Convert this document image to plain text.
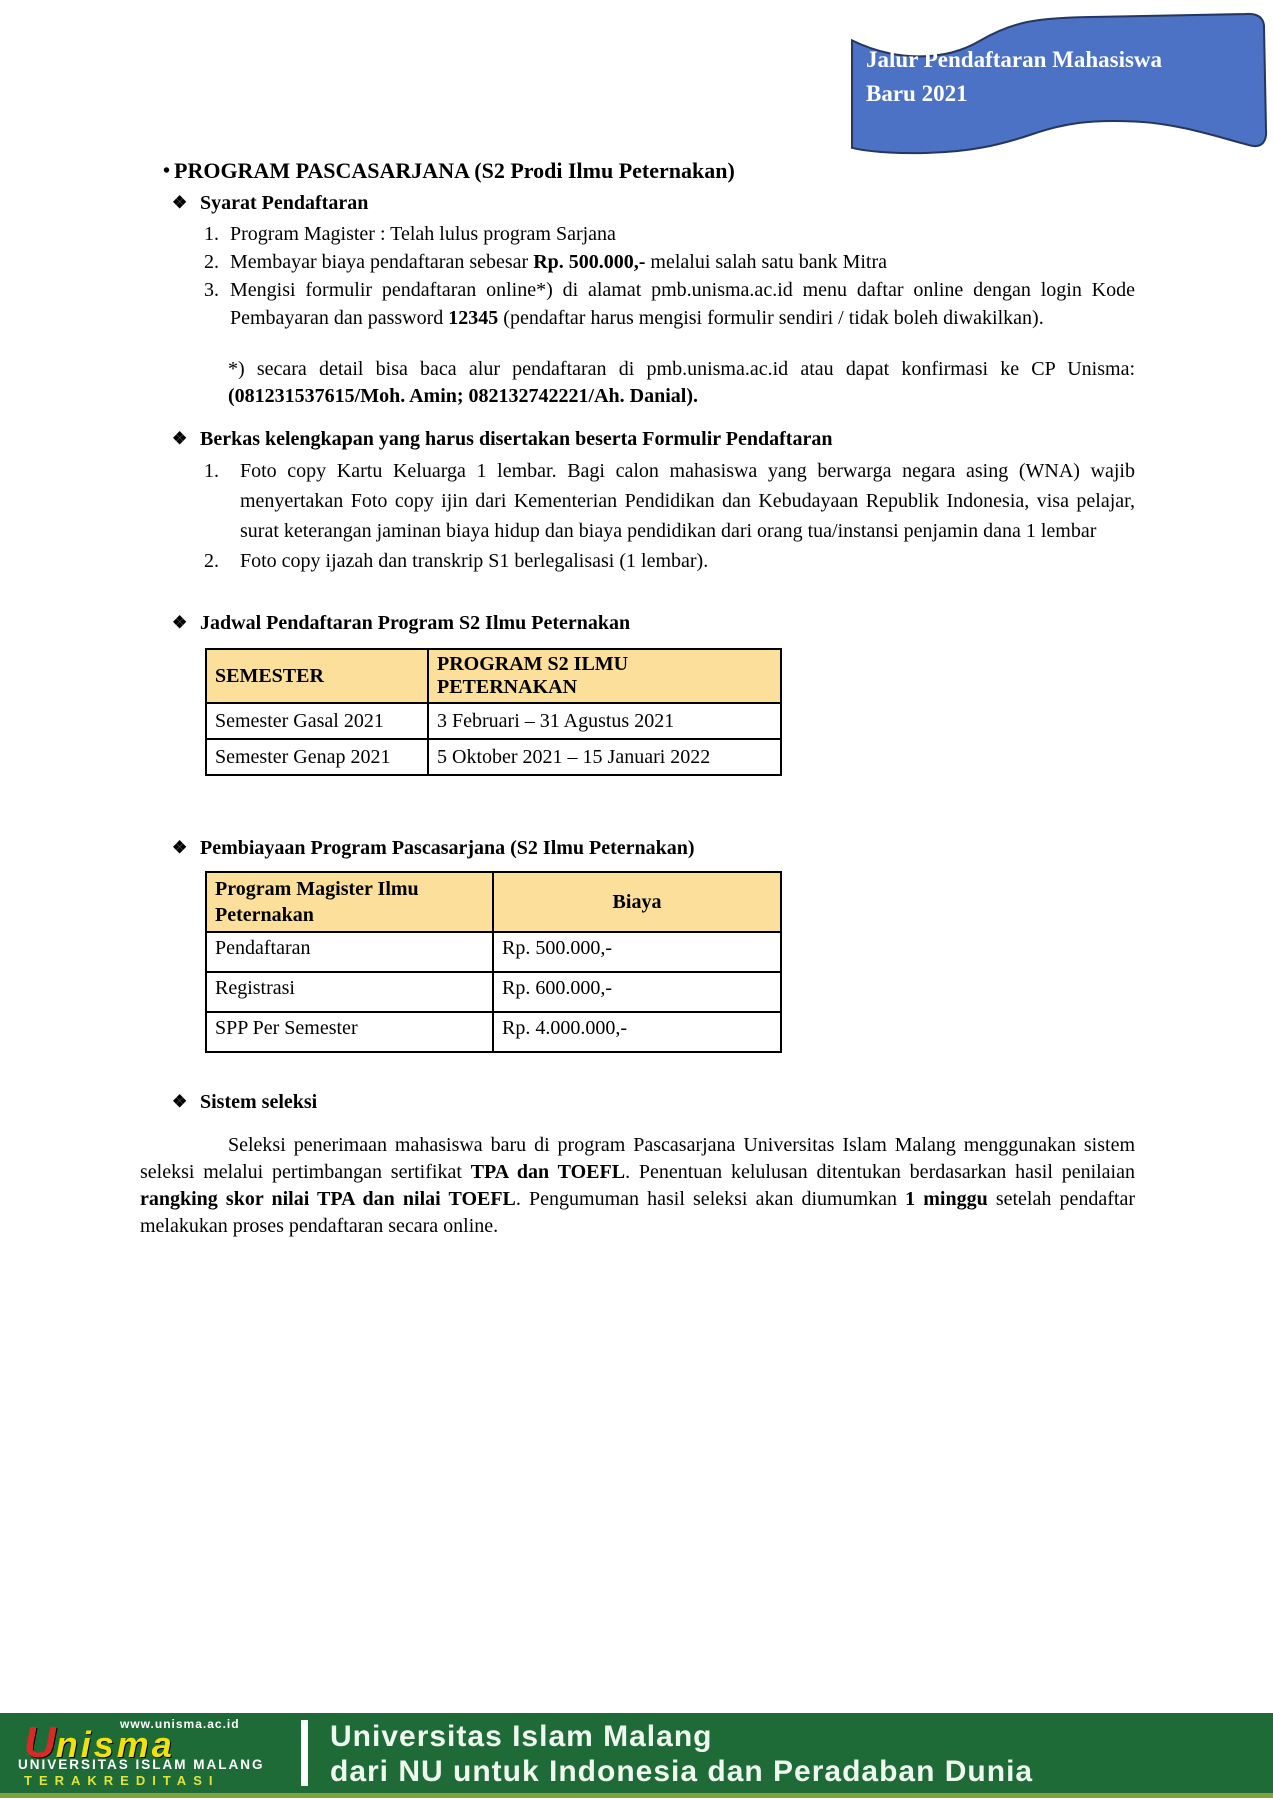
Jalur Pendaftaran Mahasiswa
Baru 2021
• PROGRAM PASCASARJANA (S2 Prodi Ilmu Peternakan)
❖ Syarat Pendaftaran
1. Program Magister : Telah lulus program Sarjana
2. Membayar biaya pendaftaran sebesar Rp. 500.000,- melalui salah satu bank Mitra
3. Mengisi formulir pendaftaran online*) di alamat pmb.unisma.ac.id menu daftar online dengan login Kode Pembayaran dan password 12345 (pendaftar harus mengisi formulir sendiri / tidak boleh diwakilkan).
*) secara detail bisa baca alur pendaftaran di pmb.unisma.ac.id atau dapat konfirmasi ke CP Unisma: (081231537615/Moh. Amin; 082132742221/Ah. Danial).
❖ Berkas kelengkapan yang harus disertakan beserta Formulir Pendaftaran
1.	Foto copy Kartu Keluarga 1 lembar. Bagi calon mahasiswa yang berwarga negara asing (WNA) wajib menyertakan Foto copy ijin dari Kementerian Pendidikan dan Kebudayaan Republik Indonesia, visa pelajar, surat keterangan jaminan biaya hidup dan biaya pendidikan dari orang tua/instansi penjamin dana 1 lembar
2.	Foto copy ijazah dan transkrip S1 berlegalisasi (1 lembar).
❖ Jadwal Pendaftaran Program S2 Ilmu Peternakan
SEMESTER	PROGRAM S2 ILMU PETERNAKAN
Semester Gasal 2021	3 Februari – 31 Agustus 2021
Semester Genap 2021	5 Oktober 2021 – 15 Januari 2022
❖ Pembiayaan Program Pascasarjana (S2 Ilmu Peternakan)
Program Magister Ilmu Peternakan	Biaya
Pendaftaran	Rp. 500.000,-
Registrasi	Rp. 600.000,-
SPP Per Semester	Rp. 4.000.000,-
❖ Sistem seleksi
Seleksi penerimaan mahasiswa baru di program Pascasarjana Universitas Islam Malang menggunakan sistem seleksi melalui pertimbangan sertifikat TPA dan TOEFL. Penentuan kelulusan ditentukan berdasarkan hasil penilaian rangking skor nilai TPA dan nilai TOEFL. Pengumuman hasil seleksi akan diumumkan 1 minggu setelah pendaftar melakukan proses pendaftaran secara online.
www.unisma.ac.id
Unisma
UNIVERSITAS ISLAM MALANG
TERAKREDITASI
Universitas Islam Malang
dari NU untuk Indonesia dan Peradaban Dunia
